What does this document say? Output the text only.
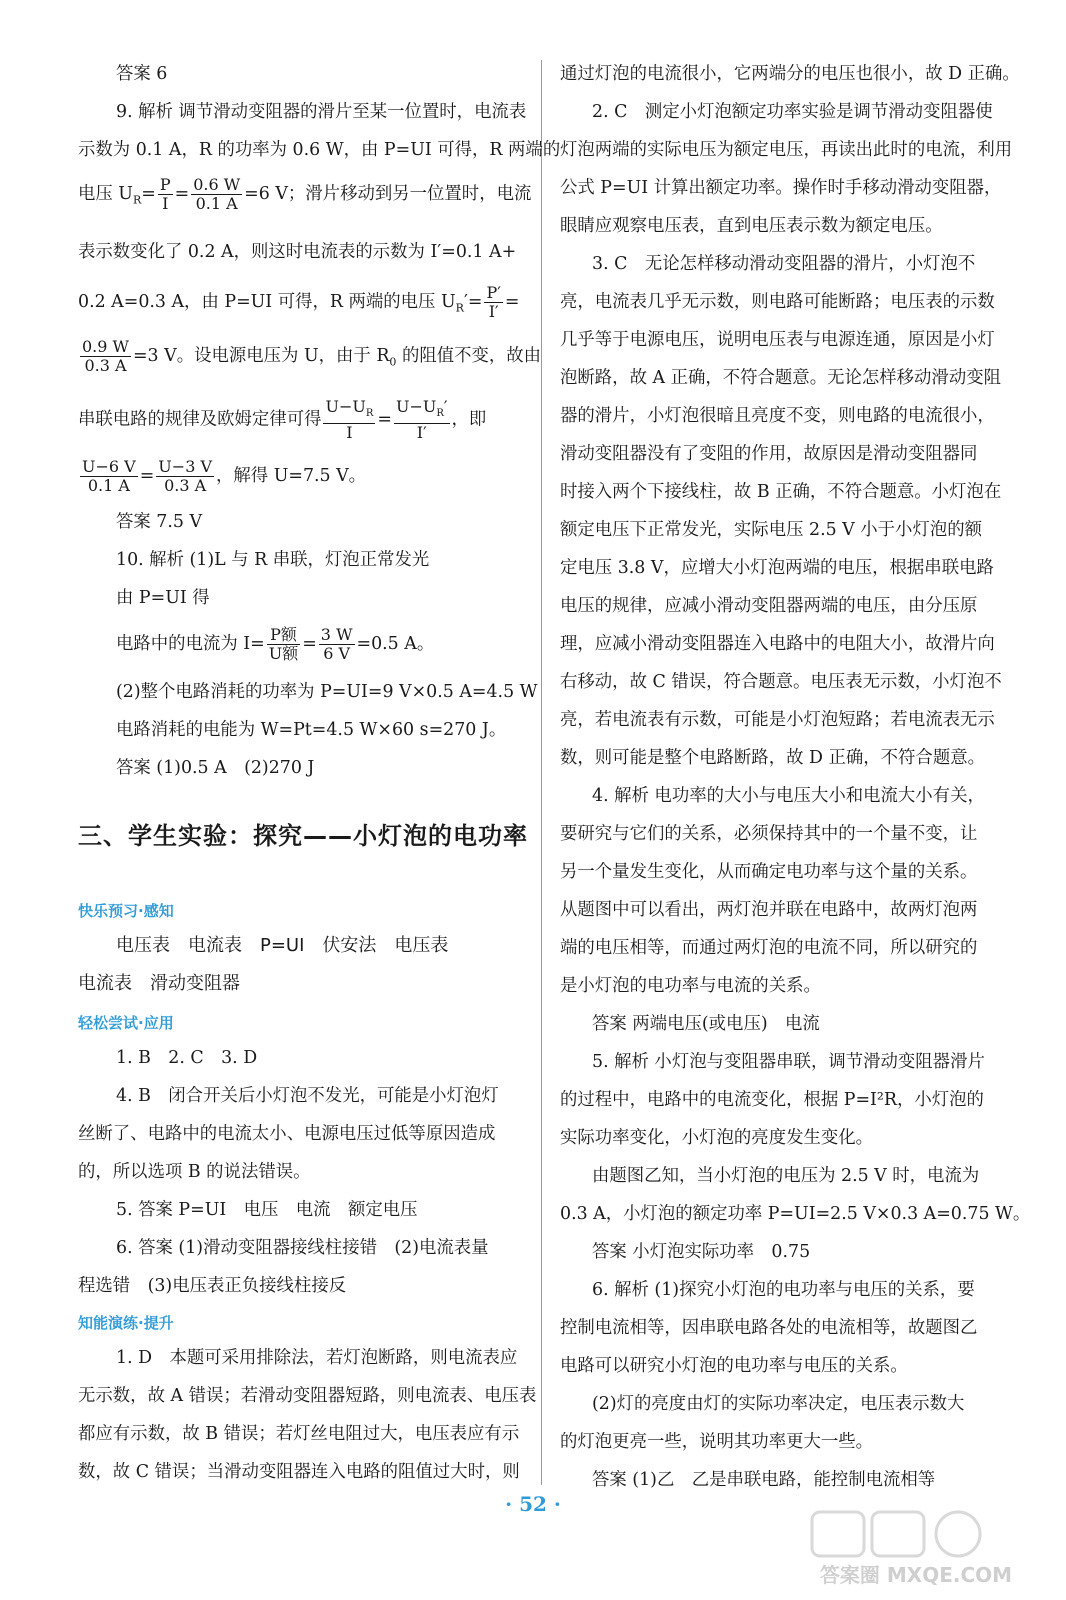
答案 6
9. 解析 调节滑动变阻器的滑片至某一位置时，电流表
示数为 0.1 A，R 的功率为 0.6 W，由 P=UI 可得，R 两端的
电压 $U_R= \frac{P}{I} = \frac{0.6 W}{0.1 A} =6$ V；滑片移动到另一位置时，电流
表示数变化了 0.2 A，则这时电流表的示数为 I′=0.1 A+
0.2 A=0.3 A，由 P=UI 可得，R 两端的电压 $U_R'= \frac{P'}{I'}$ =
$\frac{0.9 W}{0.3 A} =3$ V。设电源电压为 U，由于 $R_0$ 的阻值不变，故由
串联电路的规律及欧姆定律可得 $\frac{U-U_R}{I} = \frac{U-U_R'}{I'}$ ，即
$\frac{U-6 V}{0.1 A} = \frac{U-3 V}{0.3 A}$ ，解得 U=7.5 V。
答案 7.5 V
10. 解析 (1)L 与 R 串联，灯泡正常发光
由 P=UI 得
电路中的电流为 $I= \frac{\text{P额}}{\text{U额}} = \frac{3 W}{6 V} =0.5$ A。
(2)整个电路消耗的功率为 P=UI=9 V×0.5 A=4.5 W
电路消耗的电能为 W=Pt=4.5 W×60 s=270 J。
答案 (1)0.5 A　(2)270 J
三、学生实验：探究——小灯泡的电功率
快乐预习·感知
电压表　电流表　P=UI　伏安法　电压表
电流表　滑动变阻器
轻松尝试·应用
1. B　2. C　3. D
4. B　闭合开关后小灯泡不发光，可能是小灯泡灯
丝断了、电路中的电流太小、电源电压过低等原因造成
的，所以选项 B 的说法错误。
5. 答案 P=UI　电压　电流　额定电压
6. 答案 (1)滑动变阻器接线柱接错　(2)电流表量
程选错　(3)电压表正负接线柱接反
知能演练·提升
1. D　本题可采用排除法，若灯泡断路，则电流表应
无示数，故 A 错误；若滑动变阻器短路，则电流表、电压表
都应有示数，故 B 错误；若灯丝电阻过大，电压表应有示
数，故 C 错误；当滑动变阻器连入电路的阻值过大时，则
通过灯泡的电流很小，它两端分的电压也很小，故 D 正确。
2. C　测定小灯泡额定功率实验是调节滑动变阻器使
灯泡两端的实际电压为额定电压，再读出此时的电流，利用
公式 P=UI 计算出额定功率。操作时手移动滑动变阻器，
眼睛应观察电压表，直到电压表示数为额定电压。
3. C　无论怎样移动滑动变阻器的滑片，小灯泡不
亮，电流表几乎无示数，则电路可能断路；电压表的示数
几乎等于电源电压，说明电压表与电源连通，原因是小灯
泡断路，故 A 正确，不符合题意。无论怎样移动滑动变阻
器的滑片，小灯泡很暗且亮度不变，则电路的电流很小，
滑动变阻器没有了变阻的作用，故原因是滑动变阻器同
时接入两个下接线柱，故 B 正确，不符合题意。小灯泡在
额定电压下正常发光，实际电压 2.5 V 小于小灯泡的额
定电压 3.8 V，应增大小灯泡两端的电压，根据串联电路
电压的规律，应减小滑动变阻器两端的电压，由分压原
理，应减小滑动变阻器连入电路中的电阻大小，故滑片向
右移动，故 C 错误，符合题意。电压表无示数，小灯泡不
亮，若电流表有示数，可能是小灯泡短路；若电流表无示
数，则可能是整个电路断路，故 D 正确，不符合题意。
4. 解析 电功率的大小与电压大小和电流大小有关，
要研究与它们的关系，必须保持其中的一个量不变，让
另一个量发生变化，从而确定电功率与这个量的关系。
从题图中可以看出，两灯泡并联在电路中，故两灯泡两
端的电压相等，而通过两灯泡的电流不同，所以研究的
是小灯泡的电功率与电流的关系。
答案 两端电压(或电压)　电流
5. 解析 小灯泡与变阻器串联，调节滑动变阻器滑片
的过程中，电路中的电流变化，根据 P=I²R，小灯泡的
实际功率变化，小灯泡的亮度发生变化。
由题图乙知，当小灯泡的电压为 2.5 V 时，电流为
0.3 A，小灯泡的额定功率 P=UI=2.5 V×0.3 A=0.75 W。
答案 小灯泡实际功率　0.75
6. 解析 (1)探究小灯泡的电功率与电压的关系，要
控制电流相等，因串联电路各处的电流相等，故题图乙
电路可以研究小灯泡的电功率与电压的关系。
(2)灯的亮度由灯的实际功率决定，电压表示数大
的灯泡更亮一些，说明其功率更大一些。
答案 (1)乙　乙是串联电路，能控制电流相等
· 52 ·
答案圈 MXQE.COM
